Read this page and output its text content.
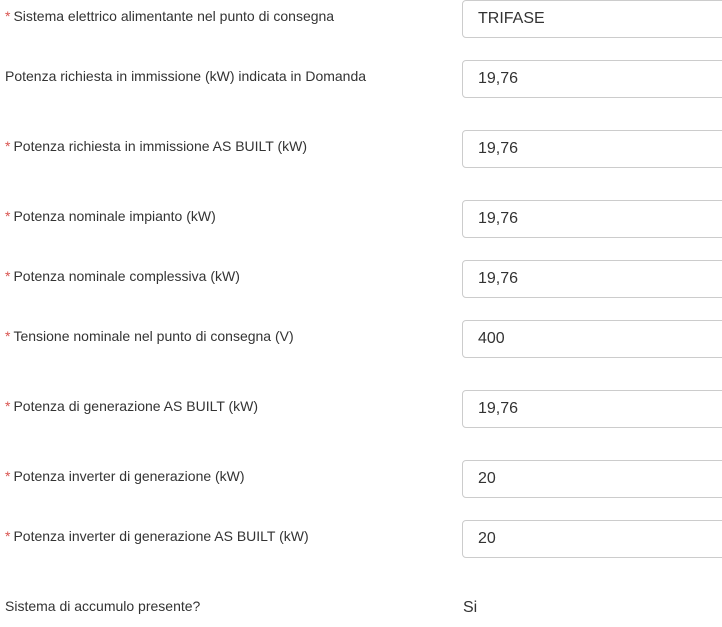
* Sistema elettrico alimentante nel punto di consegna	TRIFASE
Potenza richiesta in immissione (kW) indicata in Domanda	19,76
* Potenza richiesta in immissione AS BUILT (kW)	19,76
* Potenza nominale impianto (kW)	19,76
* Potenza nominale complessiva (kW)	19,76
* Tensione nominale nel punto di consegna (V)	400
* Potenza di generazione AS BUILT (kW)	19,76
* Potenza inverter di generazione (kW)	20
* Potenza inverter di generazione AS BUILT (kW)	20
Sistema di accumulo presente?	Si
